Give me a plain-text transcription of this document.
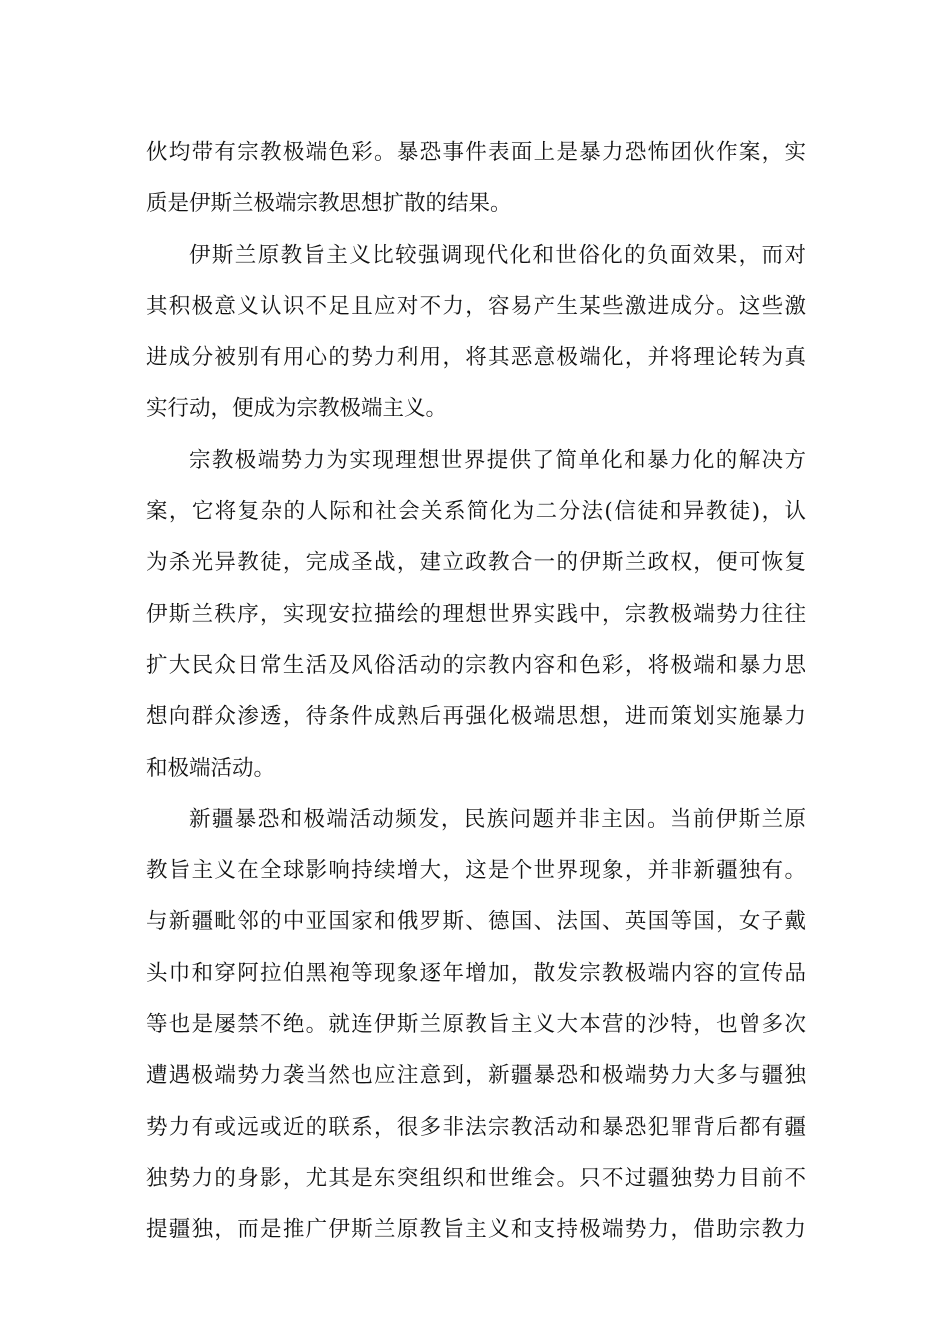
伙均带有宗教极端色彩。暴恐事件表面上是暴力恐怖团伙作案，实
质是伊斯兰极端宗教思想扩散的结果。
伊斯兰原教旨主义比较强调现代化和世俗化的负面效果，而对
其积极意义认识不足且应对不力，容易产生某些激进成分。这些激
进成分被别有用心的势力利用，将其恶意极端化，并将理论转为真
实行动，便成为宗教极端主义。
宗教极端势力为实现理想世界提供了简单化和暴力化的解决方
案，它将复杂的人际和社会关系简化为二分法(信徒和异教徒)，认
为杀光异教徒，完成圣战，建立政教合一的伊斯兰政权，便可恢复
伊斯兰秩序，实现安拉描绘的理想世界实践中，宗教极端势力往往
扩大民众日常生活及风俗活动的宗教内容和色彩，将极端和暴力思
想向群众渗透，待条件成熟后再强化极端思想，进而策划实施暴力
和极端活动。
新疆暴恐和极端活动频发，民族问题并非主因。当前伊斯兰原
教旨主义在全球影响持续增大，这是个世界现象，并非新疆独有。
与新疆毗邻的中亚国家和俄罗斯、德国、法国、英国等国，女子戴
头巾和穿阿拉伯黑袍等现象逐年增加，散发宗教极端内容的宣传品
等也是屡禁不绝。就连伊斯兰原教旨主义大本营的沙特，也曾多次
遭遇极端势力袭当然也应注意到，新疆暴恐和极端势力大多与疆独
势力有或远或近的联系，很多非法宗教活动和暴恐犯罪背后都有疆
独势力的身影，尤其是东突组织和世维会。只不过疆独势力目前不
提疆独，而是推广伊斯兰原教旨主义和支持极端势力，借助宗教力
